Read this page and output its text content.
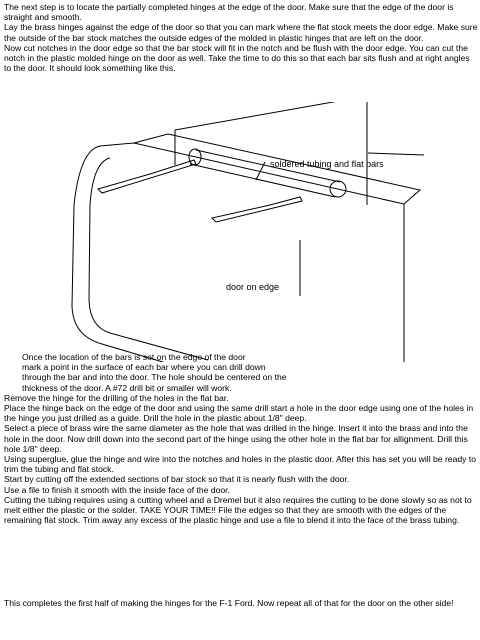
The next step is to locate the partially completed hinges at the edge of the door. Make sure that the edge of the door is straight and smooth.

Lay the brass hinges against the edge of the door so that you can mark where the flat stock meets the door edge. Make sure the outside of the bar stock matches the outside edges of the molded in plastic hinges that are left on the door.

Now cut notches in the door edge so that the bar stock will fit in the notch and be flush with the door edge. You can cut the notch in the plastic molded hinge on the door as well. Take the time to do this so that each bar sits flush and at right angles to the door. It should look something like this.

soldered tubing and flat bars
door on edge

Once the location of the bars is set on the edge of the door

mark a point in the surface of each bar where you can drill down

through the bar and into the door. The hole should be centered on the

thickness of the door. A #72 drill bit or smaller will work.

Remove the hinge for the drilling of the holes in the flat bar.

Place the hinge back on the edge of the door and using the same drill start a hole in the door edge using one of the holes in the hinge you just drilled as a guide. Drill the hole in the plastic about 1/8" deep.

Select a piece of brass wire the same diameter as the hole that was drilled in the hinge. Insert it into the brass and into the hole in the door. Now drill down into the second part of the hinge using the other hole in the flat bar for allignment. Drill this hole 1/8" deep.

Using superglue, glue the hinge and wire into the notches and holes in the plastic door. After this has set you will be ready to trim the tubing and flat stock.

Start by cutting off the extended sections of bar stock so that it is nearly flush with the door.

Use a file to finish it smooth with the inside face of the door.

Cutting the tubing requires using a cutting wheel and a Dremel but it also requires the cutting to be done slowly so as not to melt either the plastic or the solder. TAKE YOUR TIME!! File the edges so that they are smooth with the edges of the remaining flat stock. Trim away any excess of the plastic hinge and use a file to blend it into the face of the brass tubing.

This completes the first half of making the hinges for the F-1 Ford. Now repeat all of that for the door on the other side!
